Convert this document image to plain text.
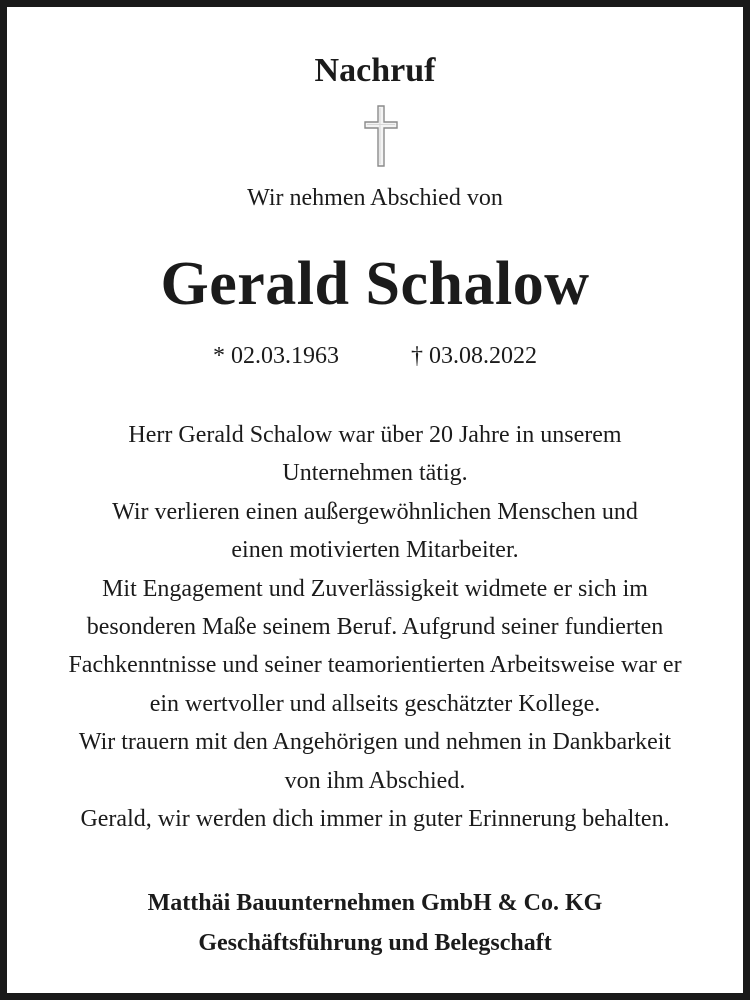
Nachruf
Wir nehmen Abschied von
Gerald Schalow
* 02.03.1963	† 03.08.2022
Herr Gerald Schalow war über 20 Jahre in unserem
Unternehmen tätig.
Wir verlieren einen außergewöhnlichen Menschen und
einen motivierten Mitarbeiter.
Mit Engagement und Zuverlässigkeit widmete er sich im
besonderen Maße seinem Beruf. Aufgrund seiner fundierten
Fachkenntnisse und seiner teamorientierten Arbeitsweise war er
ein wertvoller und allseits geschätzter Kollege.
Wir trauern mit den Angehörigen und nehmen in Dankbarkeit
von ihm Abschied.
Gerald, wir werden dich immer in guter Erinnerung behalten.
Matthäi Bauunternehmen GmbH & Co. KG
Geschäftsführung und Belegschaft
